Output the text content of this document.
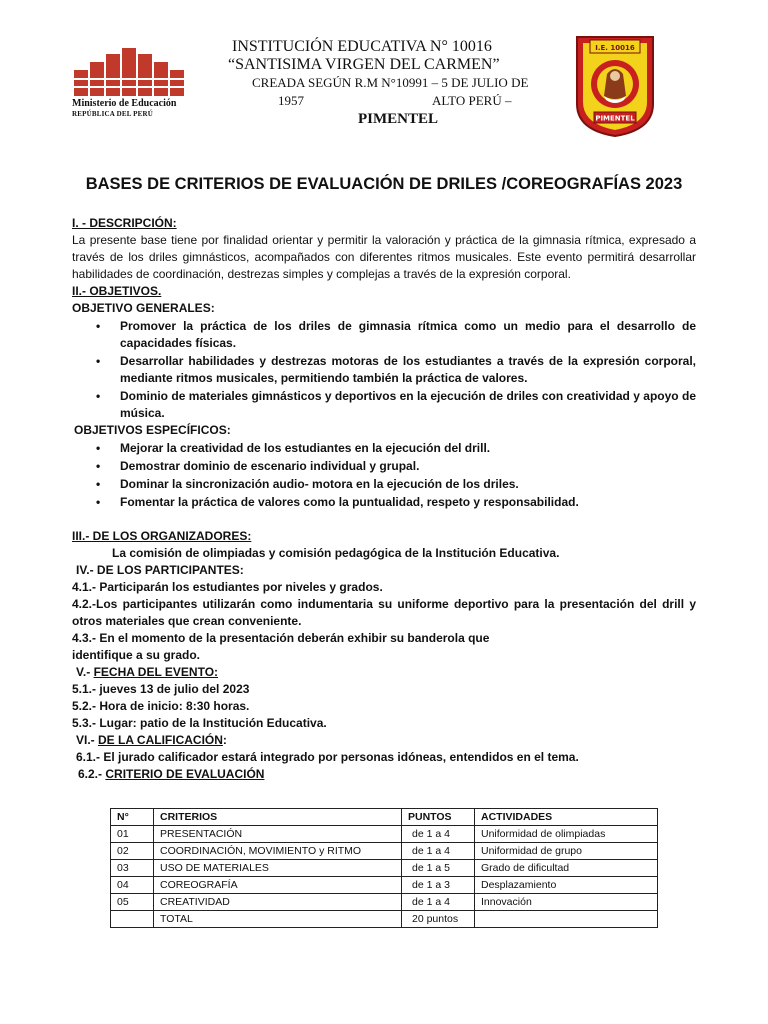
Ministerio de Educación
REPÚBLICA DEL PERÚ
INSTITUCIÓN EDUCATIVA N° 10016
“SANTISIMA VIRGEN DEL CARMEN”
CREADA SEGÚN R.M N°10991 – 5 DE JULIO DE
1957	ALTO PERÚ –
PIMENTEL
I.E. 10016
PIMENTEL
BASES DE CRITERIOS DE EVALUACIÓN DE DRILES /COREOGRAFÍAS 2023
I. - DESCRIPCIÓN:
La presente base tiene por finalidad orientar y permitir la valoración y práctica de la gimnasia rítmica, expresado a través de los driles gimnásticos, acompañados con diferentes ritmos musicales. Este evento permitirá desarrollar habilidades de coordinación, destrezas simples y complejas a través de la expresión corporal.
II.- OBJETIVOS.
OBJETIVO GENERALES:
• Promover la práctica de los driles de gimnasia rítmica como un medio para el desarrollo de capacidades físicas.
• Desarrollar habilidades y destrezas motoras de los estudiantes a través de la expresión corporal, mediante ritmos musicales, permitiendo también la práctica de valores.
• Dominio de materiales gimnásticos y deportivos en la ejecución de driles con creatividad y apoyo de música.
OBJETIVOS ESPECÍFICOS:
• Mejorar la creatividad de los estudiantes en la ejecución del drill.
• Demostrar dominio de escenario individual y grupal.
• Dominar la sincronización audio- motora en la ejecución de los driles.
• Fomentar la práctica de valores como la puntualidad, respeto y responsabilidad.
III.- DE LOS ORGANIZADORES:
La comisión de olimpiadas y comisión pedagógica de la Institución Educativa.
IV.- DE LOS PARTICIPANTES:
4.1.- Participarán los estudiantes por niveles y grados.
4.2.-Los participantes utilizarán como indumentaria su uniforme deportivo para la presentación del drill y otros materiales que crean conveniente.
4.3.- En el momento de la presentación deberán exhibir su banderola que
identifique a su grado.
V.- FECHA DEL EVENTO:
5.1.- jueves 13 de julio del 2023
5.2.- Hora de inicio: 8:30 horas.
5.3.- Lugar: patio de la Institución Educativa.
VI.- DE LA CALIFICACIÓN:
6.1.- El jurado calificador estará integrado por personas idóneas, entendidos en el tema.
6.2.- CRITERIO DE EVALUACIÓN
N°	CRITERIOS	PUNTOS	ACTIVIDADES
01	PRESENTACIÓN	de 1 a 4	Uniformidad de olimpiadas
02	COORDINACIÓN, MOVIMIENTO y RITMO	de 1 a 4	Uniformidad de grupo
03	USO DE MATERIALES	de 1 a 5	Grado de dificultad
04	COREOGRAFÍA	de 1 a 3	Desplazamiento
05	CREATIVIDAD	de 1 a 4	Innovación
	TOTAL	20 puntos	
